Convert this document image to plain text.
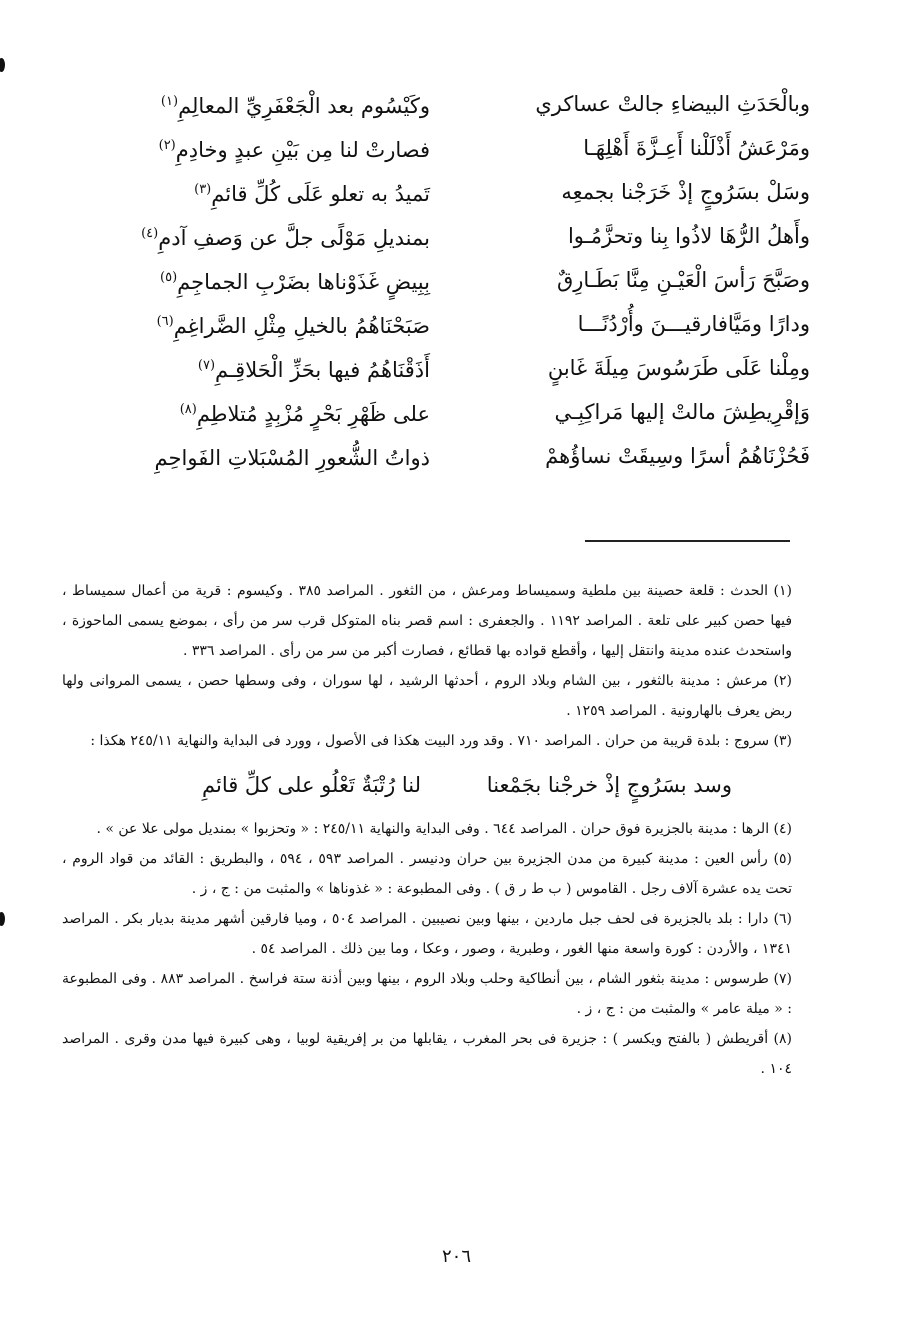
وبالْحَدَثِ البيضاءِ جالتْ عساكري
وكَيْسُوم بعد الْجَعْفَرِيِّ المعالِمِ$^{(١)}$
ومَرْعَشُ أَذْلَلْنا أَعِـزَّةَ أَهْلِهَـا
فصارتْ لنا مِن بَيْنِ عبدٍ وخادِمِ$^{(٢)}$
وسَلْ بسَرُوجٍ إذْ خَرَجْنا بجمعِه
تَميدُ به تعلو عَلَى كُلِّ قائمِ$^{(٣)}$
وأَهلُ الرُّهَا لاذُوا بِنا وتحزَّمُـوا
بمنديلِ مَوْلًى جلَّ عن وَصفِ آدمِ$^{(٤)}$
وصَبَّحَ رَأسَ الْعَيْـنِ مِنَّا بَطَـارِقٌ
بِبِيضٍ غَذَوْناها بضَرْبِ الجماجِمِ$^{(٥)}$
ودارًا ومَيَّافارقيـــنَ وأُرْدُنًـــا
صَبَحْنَاهُمُ بالخيلِ مِثْلِ الضَّراغِمِ$^{(٦)}$
ومِلْنا عَلَى طَرَسُوسَ مِيلَةَ غَابنٍ
أَذَقْنَاهُمُ فيها بحَزِّ الْحَلاقِـمِ$^{(٧)}$
وَإقْرِيطِشَ مالتْ إليها مَراكِبِـي
على ظَهْرِ بَحْرٍ مُزْبِدٍ مُتلاطِمِ$^{(٨)}$
فَحُزْنَاهُمُ أسرًا وسِيقَتْ نساؤُهمْ
ذواتُ الشُّعورِ المُسْبَلاتِ الفَواحِمِ
(١) الحدث : قلعة حصينة بين ملطية وسميساط ومرعش ، من الثغور . المراصد ٣٨٥ . وكيسوم : قرية من أعمال سميساط ، فيها حصن كبير على تلعة . المراصد ١١٩٢ . والجعفرى : اسم قصر بناه المتوكل قرب سر من رأى ، بموضع يسمى الماحوزة ، واستحدث عنده مدينة وانتقل إليها ، وأقطع قواده بها قطائع ، فصارت أكبر من سر من رأى . المراصد ٣٣٦ .
(٢) مرعش : مدينة بالثغور ، بين الشام وبلاد الروم ، أحدثها الرشيد ، لها سوران ، وفى وسطها حصن ، يسمى المروانى ولها ربض يعرف بالهارونية . المراصد ١٢٥٩ .
(٣) سروج : بلدة قريبة من حران . المراصد ٧١٠ . وقد ورد البيت هكذا فى الأصول ، وورد فى البداية والنهاية ٢٤٥/١١ هكذا :
وسد بسَرُوجٍ إذْ خرجْنا بجَمْعنا
لنا رُتْبَةٌ تَعْلُو على كلِّ قائمِ
(٤) الرها : مدينة بالجزيرة فوق حران . المراصد ٦٤٤ . وفى البداية والنهاية ٢٤٥/١١ : « وتحزبوا » بمنديل مولى علا عن » .
(٥) رأس العين : مدينة كبيرة من مدن الجزيرة بين حران ودنيسر . المراصد ٥٩٣ ، ٥٩٤ ، والبطريق : القائد من قواد الروم ، تحت يده عشرة آلاف رجل . القاموس ( ب ط ر ق ) . وفى المطبوعة : « غذوناها » والمثبت من : ج ، ز .
(٦) دارا : بلد بالجزيرة فى لحف جبل ماردين ، بينها وبين نصيبين . المراصد ٥٠٤ ، وميا فارقين أشهر مدينة بديار بكر . المراصد ١٣٤١ ، والأردن : كورة واسعة منها الغور ، وطبرية ، وصور ، وعكا ، وما بين ذلك . المراصد ٥٤ .
(٧) طرسوس : مدينة بثغور الشام ، بين أنطاكية وحلب وبلاد الروم ، بينها وبين أذنة ستة فراسخ . المراصد ٨٨٣ . وفى المطبوعة : « ميلة عامر » والمثبت من : ج ، ز .
(٨) أقريطش ( بالفتح ويكسر ) : جزيرة فى بحر المغرب ، يقابلها من بر إفريقية لوبيا ، وهى كبيرة فيها مدن وقرى . المراصد ١٠٤ .
٢٠٦
